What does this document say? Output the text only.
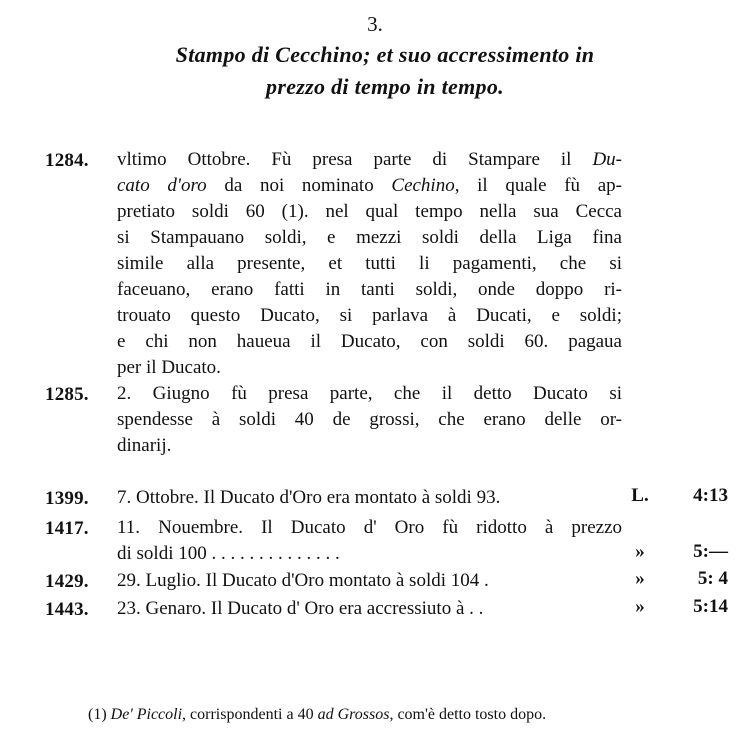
3.
Stampo di Cecchino; et suo accressimento in
prezzo di tempo in tempo.
1284.	vltimo Ottobre. Fù presa parte di Stampare il Du-
cato d'oro da noi nominato Cechino, il quale fù ap-
pretiato soldi 60 (1). nel qual tempo nella sua Cecca
si Stampauano soldi, e mezzi soldi della Liga fina
simile alla presente, et tutti li pagamenti, che si
faceuano, erano fatti in tanti soldi, onde doppo ri-
trouato questo Ducato, si parlava à Ducati, e soldi;
e chi non haueua il Ducato, con soldi 60. pagaua
per il Ducato.
1285.	2. Giugno fù presa parte, che il detto Ducato si
spendesse à soldi 40 de grossi, che erano delle or-
dinarij.
1399.	7. Ottobre. Il Ducato d'Oro era montato à soldi 93.	L.	4:13
1417.	11. Nouembre. Il Ducato d' Oro fù ridotto à prezzo
di soldi 100 . . . . . . . . . . . . . .	»	5:—
1429.	29. Luglio. Il Ducato d'Oro montato à soldi 104 .	»	5: 4
1443.	23. Genaro. Il Ducato d' Oro era accressiuto à . .	»	5:14
(1) De' Piccoli, corrispondenti a 40 ad Grossos, com'è detto tosto dopo.
